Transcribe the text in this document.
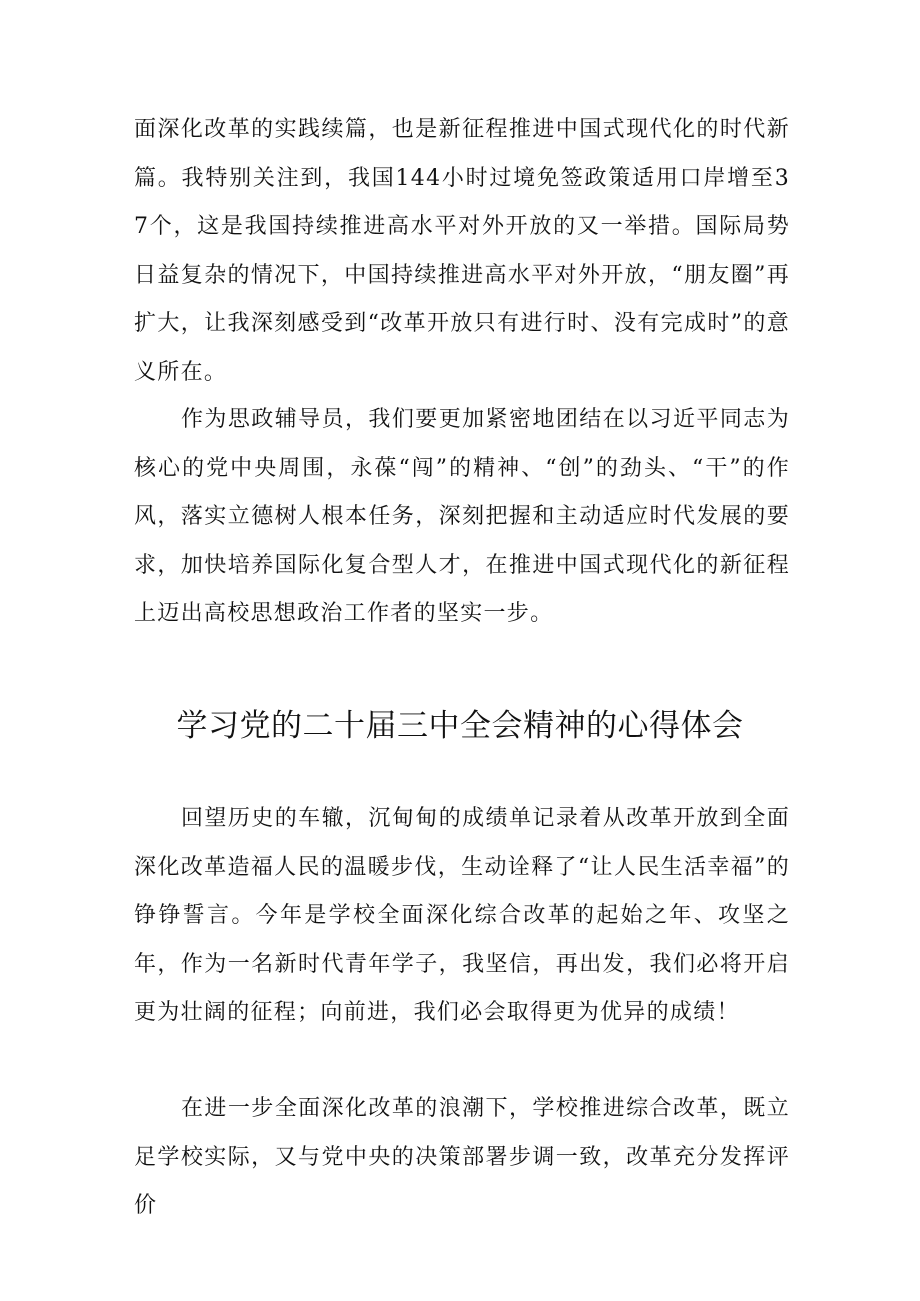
面深化改革的实践续篇，也是新征程推进中国式现代化的时代新篇。我特别关注到，我国144小时过境免签政策适用口岸增至37个，这是我国持续推进高水平对外开放的又一举措。国际局势日益复杂的情况下，中国持续推进高水平对外开放，“朋友圈”再扩大，让我深刻感受到“改革开放只有进行时、没有完成时”的意义所在。

作为思政辅导员，我们要更加紧密地团结在以习近平同志为核心的党中央周围，永葆“闯”的精神、“创”的劲头、“干”的作风，落实立德树人根本任务，深刻把握和主动适应时代发展的要求，加快培养国际化复合型人才，在推进中国式现代化的新征程上迈出高校思想政治工作者的坚实一步。

学习党的二十届三中全会精神的心得体会

回望历史的车辙，沉甸甸的成绩单记录着从改革开放到全面深化改革造福人民的温暖步伐，生动诠释了“让人民生活幸福”的铮铮誓言。今年是学校全面深化综合改革的起始之年、攻坚之年，作为一名新时代青年学子，我坚信，再出发，我们必将开启更为壮阔的征程；向前进，我们必会取得更为优异的成绩！

在进一步全面深化改革的浪潮下，学校推进综合改革，既立足学校实际，又与党中央的决策部署步调一致，改革充分发挥评价
